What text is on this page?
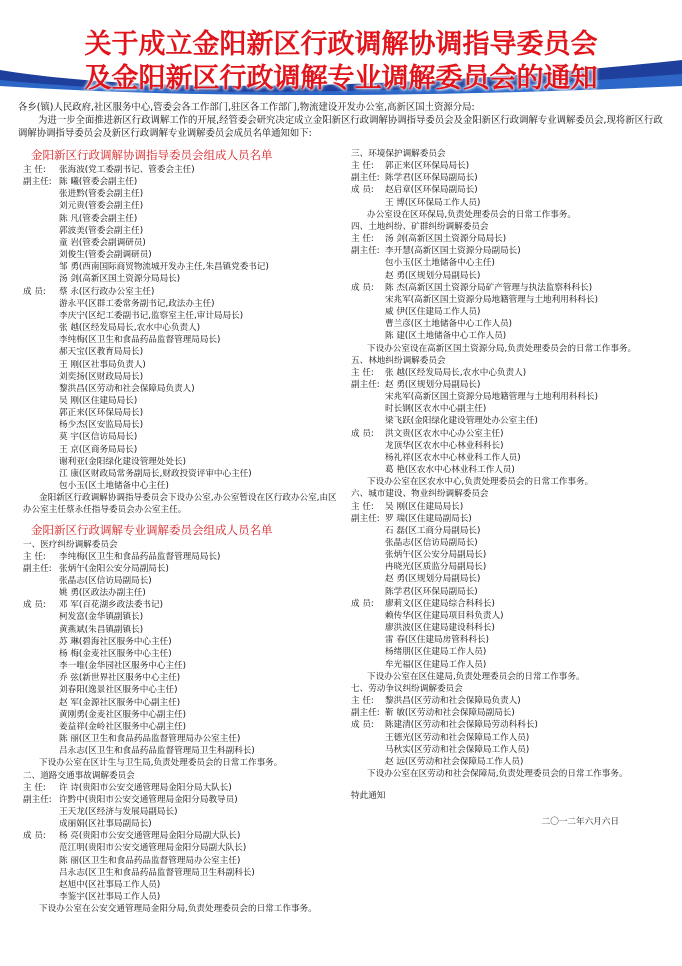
关于成立金阳新区行政调解协调指导委员会
及金阳新区行政调解专业调解委员会的通知

各乡(镇)人民政府,社区服务中心,管委会各工作部门,驻区各工作部门,物流建设开发办公室,高新区国土资源分局:

为进一步全面推进新区行政调解工作的开展,经管委会研究决定成立金阳新区行政调解协调指导委员会及金阳新区行政调解专业调解委员会,现将新区行政调解协调指导委员会及新区行政调解专业调解委员会成员名单通知如下:

金阳新区行政调解协调指导委员会组成人员名单
主 任:	张海波(党工委副书记、管委会主任)
副主任: 陈 曦(管委会副主任)
张进黔(管委会副主任)
刘元贵(管委会副主任)
陈 凡(管委会副主任)
郭波美(管委会副主任)
童 岩(管委会副调研员)
刘俊生(管委会副调研员)
邹 勇(西南国际商贸物流城开发办主任,朱昌镇党委书记)
汤 剑(高新区国土资源分局局长)
成 员:	蔡 永(区行政办公室主任)
游永平(区群工委常务副书记,政法办主任)
李庆宁(区纪工委副书记,监察室主任,审计局局长)
张 越(区经发局局长,农水中心负责人)
李纯梅(区卫生和食品药品监督管理局局长)
郝天宝(区教育局局长)
王 刚(区社事局负责人)
刘奕扬(区财政局局长)
黎洪昌(区劳动和社会保障局负责人)
吴 刚(区住建局局长)
郭正来(区环保局局长)
杨少杰(区安监局局长)
莫 宇(区信访局局长)
王 京(区商务局局长)
谢利亚(金阳绿化建设管理处处长)
江 康(区财政局常务副局长,财政投资评审中心主任)
包小玉(区土地储备中心主任)

金阳新区行政调解协调指导委员会下设办公室,办公室暂设在区行政办公室,由区办公室主任蔡永任指导委员会办公室主任。

金阳新区行政调解专业调解委员会组成人员名单
一、医疗纠纷调解委员会
主 任:	李纯梅(区卫生和食品药品监督管理局局长)
副主任: 张炳午(金阳公安分局副局长)
张晶志(区信访局副局长)
姚 勇(区政法办副主任)
成 员:	邓 军(百花湖乡政法委书记)
柯发富(金华镇副镇长)
黄燕斌(朱昌镇副镇长)
苏 琳(碧海社区服务中心主任)
杨 梅(金麦社区服务中心主任)
李一唯(金华园社区服务中心主任)
乔 弦(新世界社区服务中心主任)
刘春阳(逸景社区服务中心主任)
赵 军(金源社区服务中心副主任)
黄刚勇(金麦社区服务中心副主任)
姜益祥(金岭社区服务中心副主任)
陈 丽(区卫生和食品药品监督管理局办公室主任)
吕永志(区卫生和食品药品监督管理局卫生科副科长)

下设办公室在区计生与卫生局,负责处理委员会的日常工作事务。

二、道路交通事故调解委员会
主 任:	许 诗(贵阳市公安交通管理局金阳分局大队长)
副主任: 许黔中(贵阳市公安交通管理局金阳分局教导员)
王天龙(区经济与发展局副局长)
成丽娟(区社事局副局长)
成 员:	杨 亮(贵阳市公安交通管理局金阳分局副大队长)
范江明(贵阳市公安交通管理局金阳分局副大队长)
陈 丽(区卫生和食品药品监督管理局办公室主任)
吕永志(区卫生和食品药品监督管理局卫生科副科长)
赵旭中(区社事局工作人员)
李鉴宇(区社事局工作人员)

下设办公室在公安交通管理局金阳分局,负责处理委员会的日常工作事务。

三、环境保护调解委员会
主 任:	郭正来(区环保局局长)
副主任: 陈学君(区环保局副局长)
成 员:	赵启章(区环保局副局长)
王 博(区环保局工作人员)

办公室设在区环保局,负责处理委员会的日常工作事务。

四、土地纠纷、矿群纠纷调解委员会
主 任:	汤 剑(高新区国土资源分局局长)
副主任: 李开慧(高新区国土资源分局副局长)
包小玉(区土地储备中心主任)
赵 勇(区规划分局副局长)
成 员:	陈 杰(高新区国土资源分局矿产管理与执法监察科科长)
宋兆军(高新区国土资源分局地籍管理与土地利用科科长)
威 伊(区住建局工作人员)
曹兰彦(区土地储备中心工作人员)
陈 建(区土地储备中心工作人员)

下设办公室设在高新区国土资源分局,负责处理委员会的日常工作事务。

五、林地纠纷调解委员会
主 任:	张 越(区经发局局长,农水中心负责人)
副主任: 赵 勇(区规划分局副局长)
宋兆军(高新区国土资源分局地籍管理与土地利用科科长)
时长钢(区农水中心副主任)
梁飞跃(金阳绿化建设管理处办公室主任)
成 员:	洪文贵(区农水中心办公室主任)
龙顶华(区农水中心林业科科长)
杨礼祥(区农水中心林业科工作人员)
葛 艳(区农水中心林业科工作人员)

下设办公室在区农水中心,负责处理委员会的日常工作事务。

六、城市建设、物业纠纷调解委员会
主 任:	吴 刚(区住建局局长)
副主任: 罗 瑞(区住建局副局长)
石 磊(区工商分局副局长)
张晶志(区信访局副局长)
张炳午(区公安分局副局长)
冉晓光(区质监分局副局长)
赵 勇(区规划分局副局长)
陈学君(区环保局副局长)
成 员:	廖莉文(区住建局综合科科长)
赖传华(区住建局项目科负责人)
廖洪波(区住建局建设科科长)
雷 春(区住建局房管科科长)
杨绪朋(区住建局工作人员)
牟光福(区住建局工作人员)

下设办公室在区住建局,负责处理委员会的日常工作事务。

七、劳动争议纠纷调解委员会
主 任:	黎洪昌(区劳动和社会保障局负责人)
副主任: 靳 敏(区劳动和社会保障局副局长)
成 员:	陈建清(区劳动和社会保障局劳动科科长)
王德光(区劳动和社会保障局工作人员)
马秋实(区劳动和社会保障局工作人员)
赵 远(区劳动和社会保障局工作人员)

下设办公室在区劳动和社会保障局,负责处理委员会的日常工作事务。

特此通知
二〇一二年六月六日
